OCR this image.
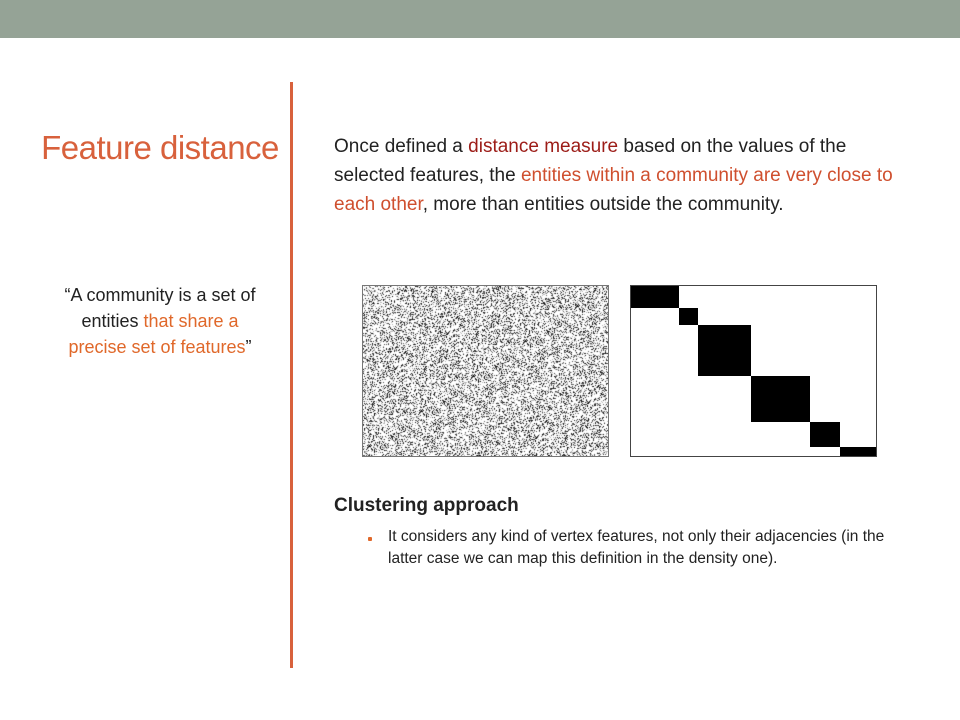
Feature distance
“A community is a set of entities that share a precise set of features”
Once defined a distance measure based on the values of the selected features, the entities within a community are very close to each other, more than entities outside the community.
Clustering approach
It considers any kind of vertex features, not only their adjacencies (in the latter case we can map this definition in the density one).
